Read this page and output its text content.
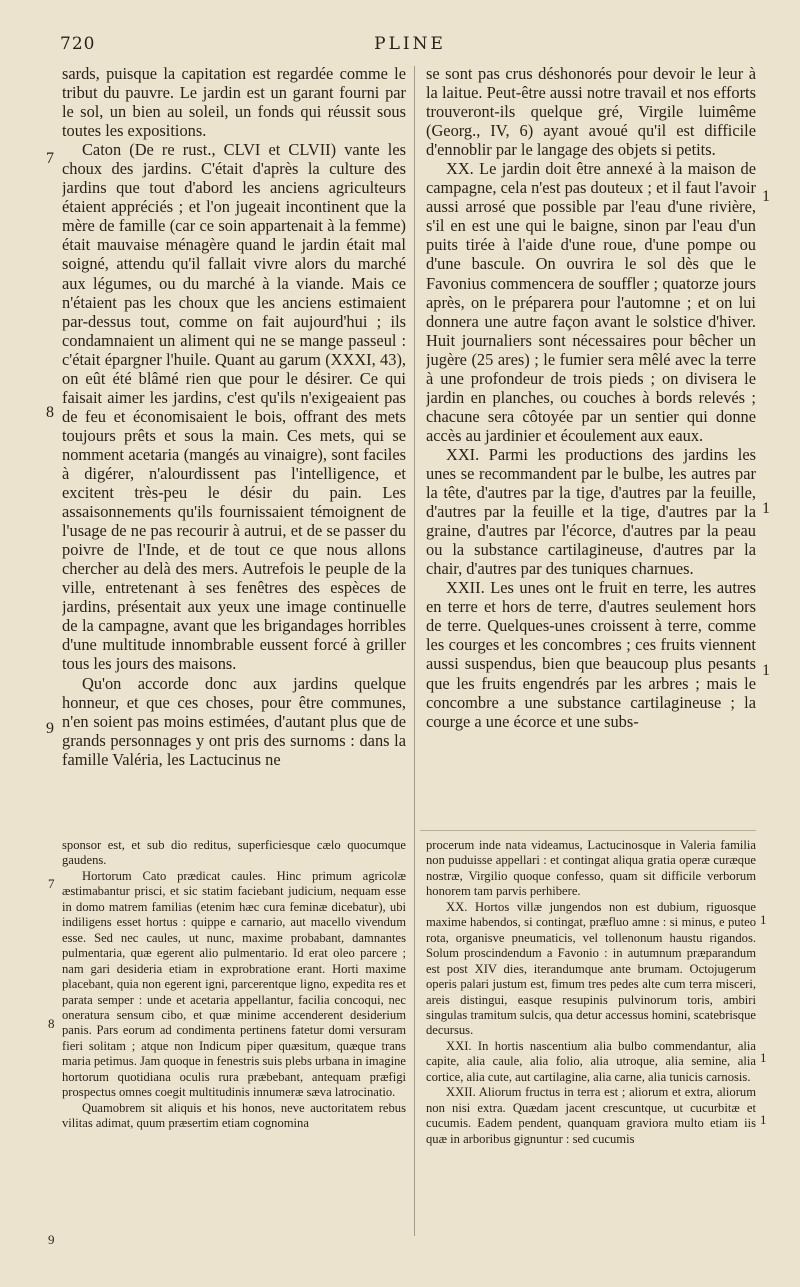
720	PLINE

sards, puisque la capitation est regardée comme le tribut du pauvre. Le jardin est un garant fourni par le sol, un bien au soleil, un fonds qui réussit sous toutes les expositions.

Caton (De re rust., CLVI et CLVII) vante les choux des jardins. C'était d'après la culture des jardins que tout d'abord les anciens agriculteurs étaient appréciés ; et l'on jugeait incontinent que la mère de famille (car ce soin appartenait à la femme) était mauvaise ménagère quand le jardin était mal soigné, attendu qu'il fallait vivre alors du marché aux légumes, ou du marché à la viande. Mais ce n'étaient pas les choux que les anciens estimaient par-dessus tout, comme on fait aujourd'hui ; ils condamnaient un aliment qui ne se mange passeul : c'était épargner l'huile. Quant au garum (XXXI, 43), on eût été blâmé rien que pour le désirer. Ce qui faisait aimer les jardins, c'est qu'ils n'exigeaient pas de feu et économisaient le bois, offrant des mets toujours prêts et sous la main. Ces mets, qui se nomment acetaria (mangés au vinaigre), sont faciles à digérer, n'alourdissent pas l'intelligence, et excitent très-peu le désir du pain. Les assaisonnements qu'ils fournissaient témoignent de l'usage de ne pas recourir à autrui, et de se passer du poivre de l'Inde, et de tout ce que nous allons chercher au delà des mers. Autrefois le peuple de la ville, entretenant à ses fenêtres des espèces de jardins, présentait aux yeux une image continuelle de la campagne, avant que les brigandages horribles d'une multitude innombrable eussent forcé à griller tous les jours des maisons.

Qu'on accorde donc aux jardins quelque honneur, et que ces choses, pour être communes, n'en soient pas moins estimées, d'autant plus que de grands personnages y ont pris des surnoms : dans la famille Valéria, les Lactucinus ne

se sont pas crus déshonorés pour devoir le leur à la laitue. Peut-être aussi notre travail et nos efforts trouveront-ils quelque gré, Virgile luimême (Georg., IV, 6) ayant avoué qu'il est difficile d'ennoblir par le langage des objets si petits.

XX. Le jardin doit être annexé à la maison de campagne, cela n'est pas douteux ; et il faut l'avoir aussi arrosé que possible par l'eau d'une rivière, s'il en est une qui le baigne, sinon par l'eau d'un puits tirée à l'aide d'une roue, d'une pompe ou d'une bascule. On ouvrira le sol dès que le Favonius commencera de souffler ; quatorze jours après, on le préparera pour l'automne ; et on lui donnera une autre façon avant le solstice d'hiver. Huit journaliers sont nécessaires pour bêcher un jugère (25 ares) ; le fumier sera mêlé avec la terre à une profondeur de trois pieds ; on divisera le jardin en planches, ou couches à bords relevés ; chacune sera côtoyée par un sentier qui donne accès au jardinier et écoulement aux eaux.

XXI. Parmi les productions des jardins les unes se recommandent par le bulbe, les autres par la tête, d'autres par la tige, d'autres par la feuille, d'autres par la feuille et la tige, d'autres par la graine, d'autres par l'écorce, d'autres par la peau ou la substance cartilagineuse, d'autres par la chair, d'autres par des tuniques charnues.

XXII. Les unes ont le fruit en terre, les autres en terre et hors de terre, d'autres seulement hors de terre. Quelques-unes croissent à terre, comme les courges et les concombres ; ces fruits viennent aussi suspendus, bien que beaucoup plus pesants que les fruits engendrés par les arbres ; mais le concombre a une substance cartilagineuse ; la courge a une écorce et une subs-

sponsor est, et sub dio reditus, superficiesque cælo quocumque gaudens.

Hortorum Cato prædicat caules. Hinc primum agricolæ æstimabantur prisci, et sic statim faciebant judicium, nequam esse in domo matrem familias (etenim hæc cura feminæ dicebatur), ubi indiligens esset hortus : quippe e carnario, aut macello vivendum esse. Sed nec caules, ut nunc, maxime probabant, damnantes pulmentaria, quæ egerent alio pulmentario. Id erat oleo parcere ; nam gari desideria etiam in exprobratione erant. Horti maxime placebant, quia non egerent igni, parcerentque ligno, expedita res et parata semper : unde et acetaria appellantur, facilia concoqui, nec oneratura sensum cibo, et quæ minime accenderent desiderium panis. Pars eorum ad condimenta pertinens fatetur domi versuram fieri solitam ; atque non Indicum piper quæsitum, quæque trans maria petimus. Jam quoque in fenestris suis plebs urbana in imagine hortorum quotidiana oculis rura præbebant, antequam præfigi prospectus omnes coegit multitudinis innumeræ sæva latrocinatio.

Quamobrem sit aliquis et his honos, neve auctoritatem rebus vilitas adimat, quum præsertim etiam cognomina

procerum inde nata videamus, Lactucinosque in Valeria familia non puduisse appellari : et contingat aliqua gratia operæ curæque nostræ, Virgilio quoque confesso, quam sit difficile verborum honorem tam parvis perhibere.

XX. Hortos villæ jungendos non est dubium, riguosque maxime habendos, si contingat, præfluo amne : si minus, e puteo rota, organisve pneumaticis, vel tollenonum haustu rigandos. Solum proscindendum a Favonio : in autumnum præparandum est post XIV dies, iterandumque ante brumam. Octojugerum operis palari justum est, fimum tres pedes alte cum terra misceri, areis distingui, easque resupinis pulvinorum toris, ambiri singulas tramitum sulcis, qua detur accessus homini, scatebrisque decursus.

XXI. In hortis nascentium alia bulbo commendantur, alia capite, alia caule, alia folio, alia utroque, alia semine, alia cortice, alia cute, aut cartilagine, alia carne, alia tunicis carnosis.

XXII. Aliorum fructus in terra est ; aliorum et extra, aliorum non nisi extra. Quædam jacent crescuntque, ut cucurbitæ et cucumis. Eadem pendent, quanquam graviora multo etiam iis quæ in arboribus gignuntur : sed cucumis

7
8
9
1
1
1
7
8
9
1
1
1
